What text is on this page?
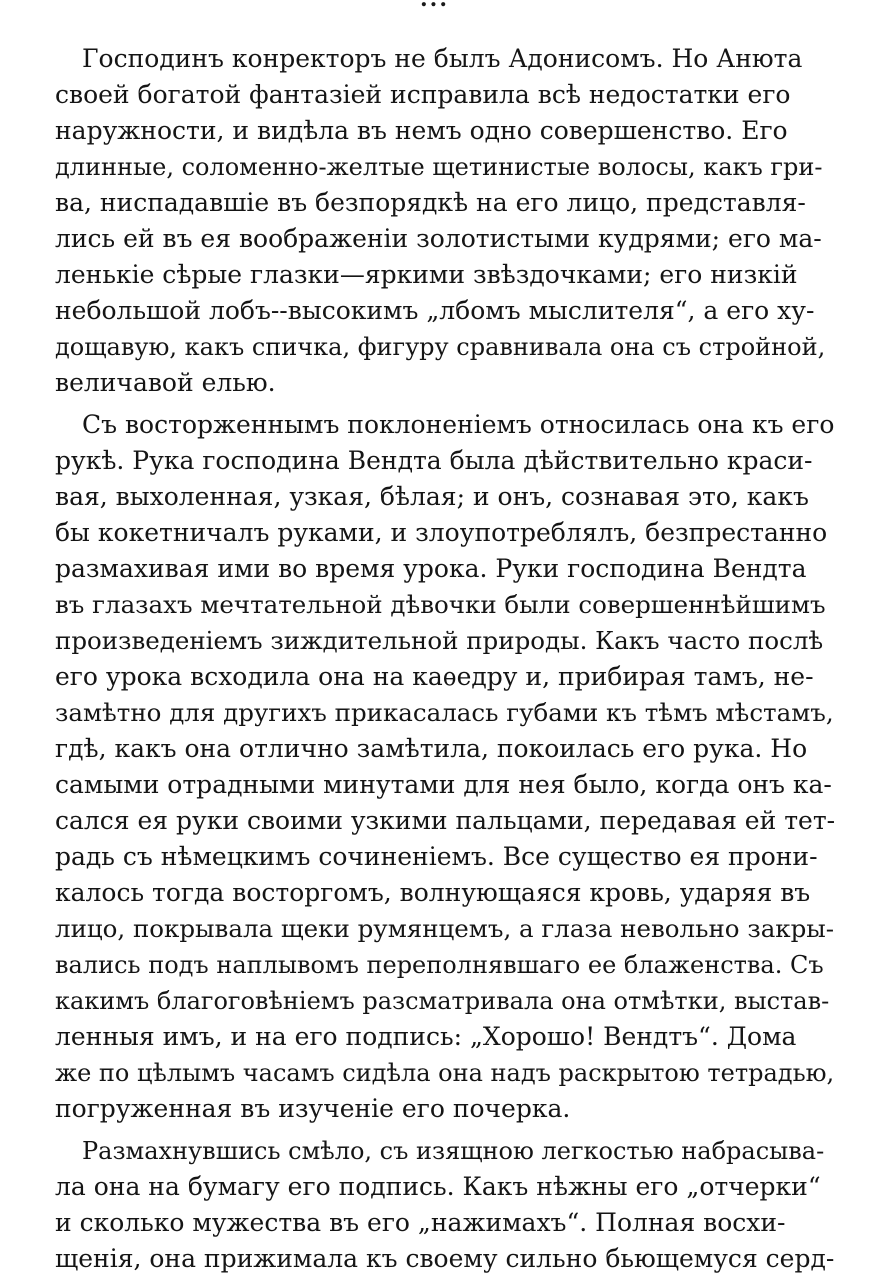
Господинъ конректоръ не былъ Адонисомъ. Но Анюта
своей богатой фантазіей исправила всѣ недостатки его
наружности, и видѣла въ немъ одно совершенство. Его
длинные, соломенно-желтые щетинистые волосы, какъ гри-
ва, ниспадавшіе въ безпорядкѣ на его лицо, представля-
лись ей въ ея воображеніи золотистыми кудрями; его ма-
ленькіе сѣрые глазки—яркими звѣздочками; его низкій
небольшой лобъ--высокимъ „лбомъ мыслителя“, а его ху-
дощавую, какъ спичка, фигуру сравнивала она съ стройной,
величавой елью.
Съ восторженнымъ поклоненіемъ относилась она къ его
рукѣ. Рука господина Вендта была дѣйствительно краси-
вая, выхоленная, узкая, бѣлая; и онъ, сознавая это, какъ
бы кокетничалъ руками, и злоупотреблялъ, безпрестанно
размахивая ими во время урока. Руки господина Вендта
въ глазахъ мечтательной дѣвочки были совершеннѣйшимъ
произведеніемъ зиждительной природы. Какъ часто послѣ
его урока всходила она на каѳедру и, прибирая тамъ, не-
замѣтно для другихъ прикасалась губами къ тѣмъ мѣстамъ,
гдѣ, какъ она отлично замѣтила, покоилась его рука. Но
самыми отрадными минутами для нея было, когда онъ ка-
сался ея руки своими узкими пальцами, передавая ей тет-
радь съ нѣмецкимъ сочиненіемъ. Все существо ея прони-
калось тогда восторгомъ, волнующаяся кровь, ударяя въ
лицо, покрывала щеки румянцемъ, а глаза невольно закры-
вались подъ наплывомъ переполнявшаго ее блаженства. Съ
какимъ благоговѣніемъ разсматривала она отмѣтки, выстав-
ленныя имъ, и на его подпись: „Хорошо! Вендтъ“. Дома
же по цѣлымъ часамъ сидѣла она надъ раскрытою тетрадью,
погруженная въ изученіе его почерка.
Размахнувшись смѣло, съ изящною легкостью набрасыва-
ла она на бумагу его подпись. Какъ нѣжны его „отчерки“
и сколько мужества въ его „нажимахъ“. Полная восхи-
щенія, она прижимала къ своему сильно бьющемуся серд-
